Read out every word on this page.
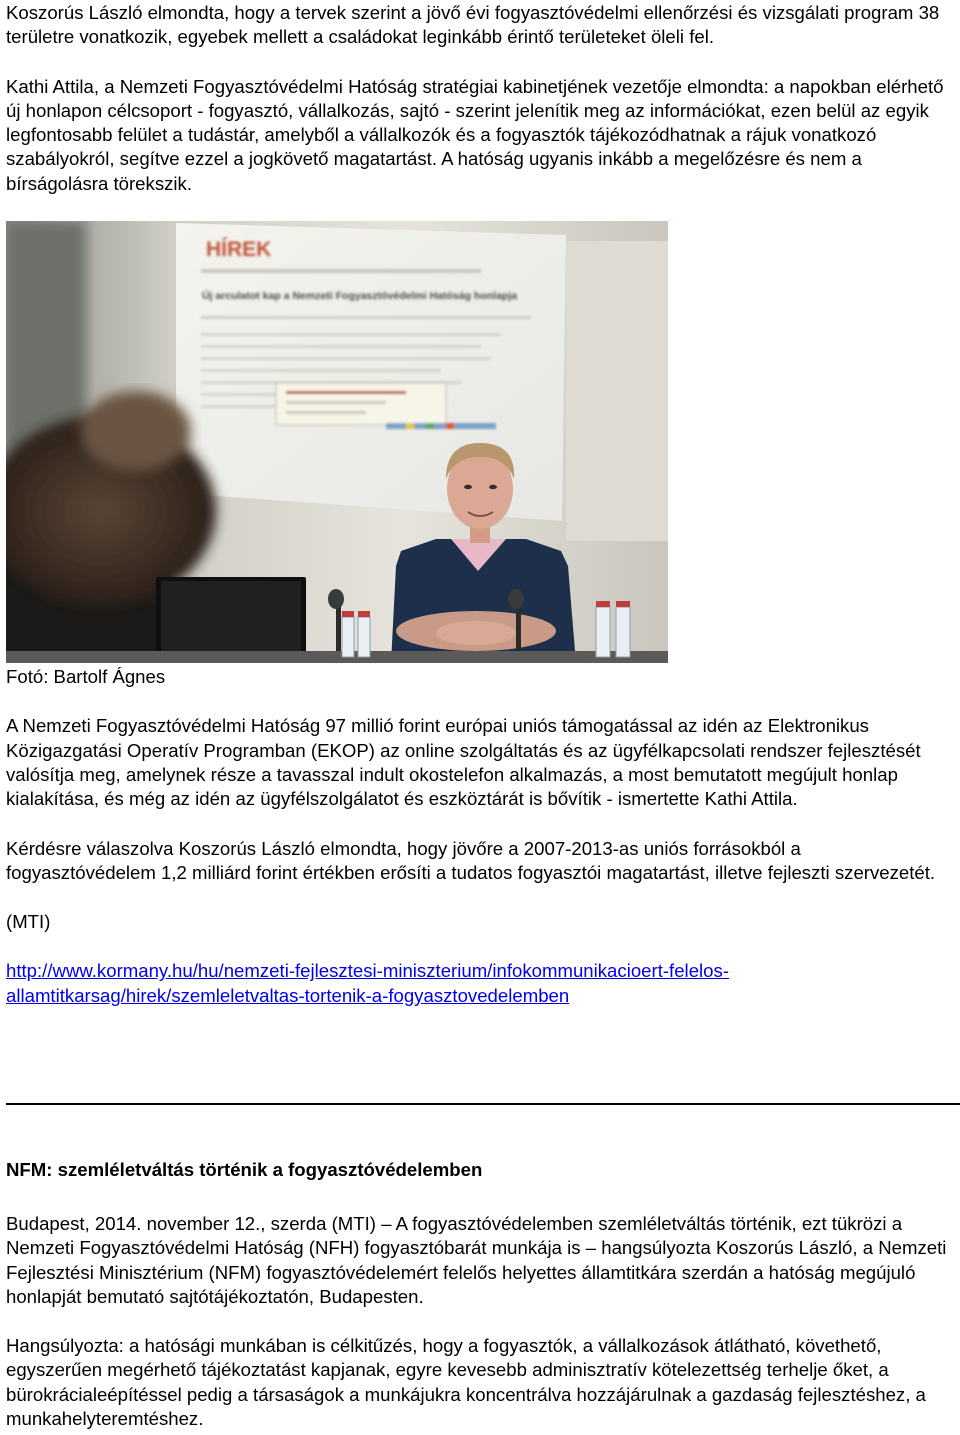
Koszorús László elmondta, hogy a tervek szerint a jövő évi fogyasztóvédelmi ellenőrzési és vizsgálati program 38 területre vonatkozik, egyebek mellett a családokat leginkább érintő területeket öleli fel.

Kathi Attila, a Nemzeti Fogyasztóvédelmi Hatóság stratégiai kabinetjének vezetője elmondta: a napokban elérhető új honlapon célcsoport - fogyasztó, vállalkozás, sajtó - szerint jelenítik meg az információkat, ezen belül az egyik legfontosabb felület a tudástár, amelyből a vállalkozók és a fogyasztók tájékozódhatnak a rájuk vonatkozó szabályokról, segítve ezzel a jogkövető magatartást. A hatóság ugyanis inkább a megelőzésre és nem a bírságolásra törekszik.

HÍREK
Új arculatot kap a Nemzeti Fogyasztóvédelmi Hatóság honlapja

Fotó: Bartolf Ágnes

A Nemzeti Fogyasztóvédelmi Hatóság 97 millió forint európai uniós támogatással az idén az Elektronikus Közigazgatási Operatív Programban (EKOP) az online szolgáltatás és az ügyfélkapcsolati rendszer fejlesztését valósítja meg, amelynek része a tavasszal indult okostelefon alkalmazás, a most bemutatott megújult honlap kialakítása, és még az idén az ügyfélszolgálatot és eszköztárát is bővítik - ismertette Kathi Attila.

Kérdésre válaszolva Koszorús László elmondta, hogy jövőre a 2007-2013-as uniós forrásokból a fogyasztóvédelem 1,2 milliárd forint értékben erősíti a tudatos fogyasztói magatartást, illetve fejleszti szervezetét.

(MTI)

http://www.kormany.hu/hu/nemzeti-fejlesztesi-miniszterium/infokommunikacioert-felelos-
allamtitkarsag/hirek/szemleletvaltas-tortenik-a-fogyasztovedelemben

NFM: szemléletváltás történik a fogyasztóvédelemben

Budapest, 2014. november 12., szerda (MTI) – A fogyasztóvédelemben szemléletváltás történik, ezt tükrözi a Nemzeti Fogyasztóvédelmi Hatóság (NFH) fogyasztóbarát munkája is – hangsúlyozta Koszorús László, a Nemzeti Fejlesztési Minisztérium (NFM) fogyasztóvédelemért felelős helyettes államtitkára szerdán a hatóság megújuló honlapját bemutató sajtótájékoztatón, Budapesten.

Hangsúlyozta: a hatósági munkában is célkitűzés, hogy a fogyasztók, a vállalkozások átlátható, követhető, egyszerűen megérhető tájékoztatást kapjanak, egyre kevesebb adminisztratív kötelezettség terhelje őket, a bürokrácialeépítéssel pedig a társaságok a munkájukra koncentrálva hozzájárulnak a gazdaság fejlesztéshez, a munkahelyteremtéshez.
